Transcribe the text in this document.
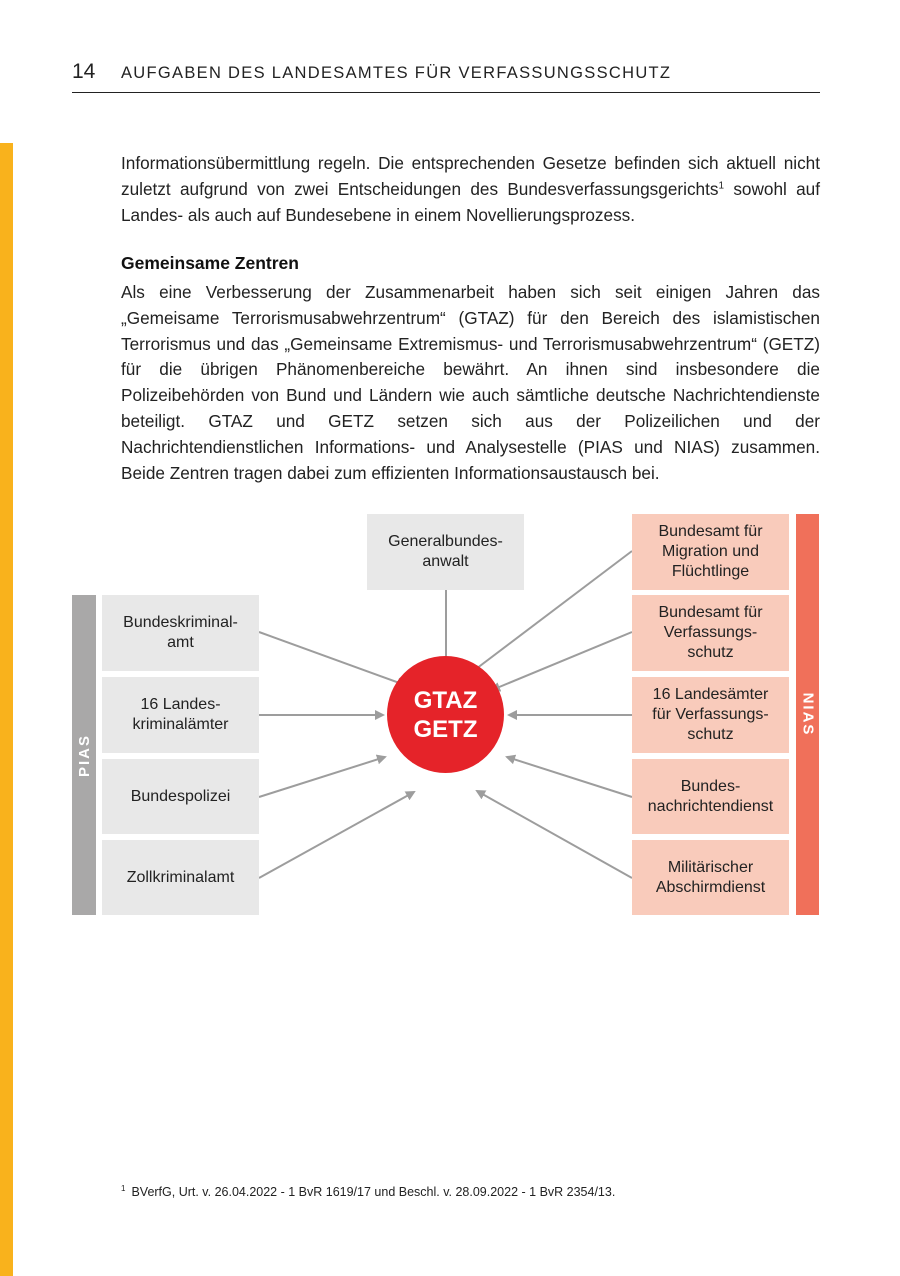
14 AUFGABEN DES LANDESAMTES FÜR VERFASSUNGSSCHUTZ

Informationsübermittlung regeln. Die entsprechenden Gesetze befinden sich aktuell nicht zuletzt aufgrund von zwei Entscheidungen des Bundesverfassungsgerichts$^1$ sowohl auf Landes- als auch auf Bundesebene in einem Novellierungsprozess.

Gemeinsame Zentren

Als eine Verbesserung der Zusammenarbeit haben sich seit einigen Jahren das „Gemeisame Terrorismusabwehrzentrum“ (GTAZ) für den Bereich des islamistischen Terrorismus und das „Gemeinsame Extremismus- und Terrorismusabwehrzentrum“ (GETZ) für die übrigen Phänomenbereiche bewährt. An ihnen sind insbesondere die Polizeibehörden von Bund und Ländern wie auch sämtliche deutsche Nachrichtendienste beteiligt. GTAZ und GETZ setzen sich aus der Polizeilichen und der Nachrichtendienstlichen Informations- und Analysestelle (PIAS und NIAS) zusammen. Beide Zentren tragen dabei zum effizienten Informationsaustausch bei.

Generalbundes-
anwalt
PIAS
Bundeskriminal-
amt
16 Landes-
kriminalämter
Bundespolizei
Zollkriminalamt
GTAZ
GETZ
Bundesamt für
Migration und
Flüchtlinge
Bundesamt für
Verfassungs-
schutz
16 Landesämter
für Verfassungs-
schutz
Bundes-
nachrichtendienst
Militärischer
Abschirmdienst
NIAS
$^1$ BVerfG, Urt. v. 26.04.2022 - 1 BvR 1619/17 und Beschl. v. 28.09.2022 - 1 BvR 2354/13.
